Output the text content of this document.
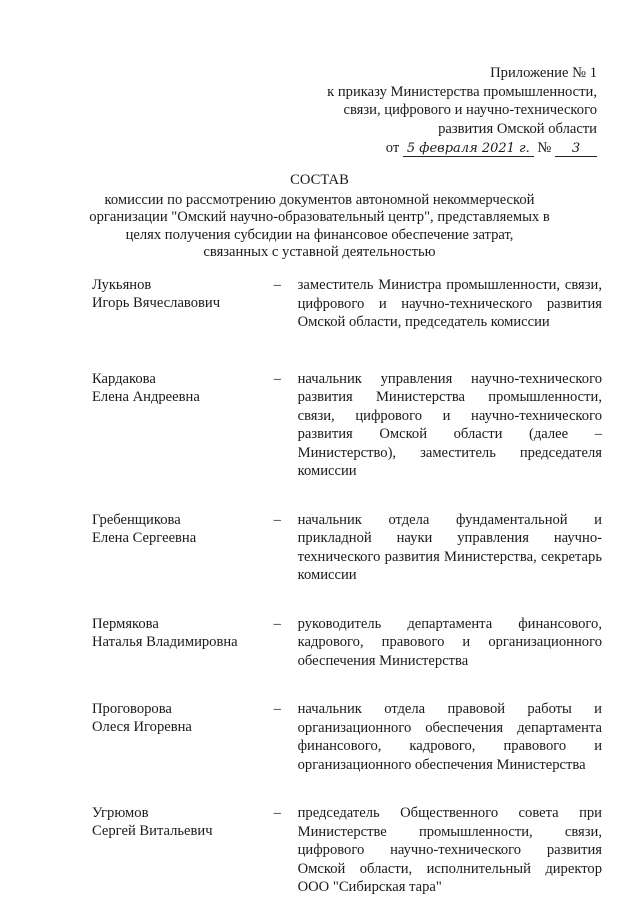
Приложение № 1
к приказу Министерства промышленности,
связи, цифрового и научно-технического
развития Омской области
от 5 февраля 2021 г. № 3
СОСТАВ
комиссии по рассмотрению документов автономной некоммерческой
организации "Омский научно-образовательный центр", представляемых в
целях получения субсидии на финансовое обеспечение затрат,
связанных с уставной деятельностью
Лукьянов
Игорь Вячеславович
–	заместитель Министра промышленности, связи, цифрового и научно-технического развития Омской области, председатель комиссии
Кардакова
Елена Андреевна
–	начальник управления научно-технического развития Министерства промышленности, связи, цифрового и научно-технического развития Омской области (далее – Министерство), заместитель председателя комиссии
Гребенщикова
Елена Сергеевна
–	начальник отдела фундаментальной и прикладной науки управления научно-технического развития Министерства, секретарь комиссии
Пермякова
Наталья Владимировна
–	руководитель департамента финансового, кадрового, правового и организационного обеспечения Министерства
Проговорова
Олеся Игоревна
–	начальник отдела правовой работы и организационного обеспечения департамента финансового, кадрового, правового и организационного обеспечения Министерства
Угрюмов
Сергей Витальевич
–	председатель Общественного совета при Министерстве промышленности, связи, цифрового научно-технического развития Омской области, исполнительный директор ООО "Сибирская тара"
